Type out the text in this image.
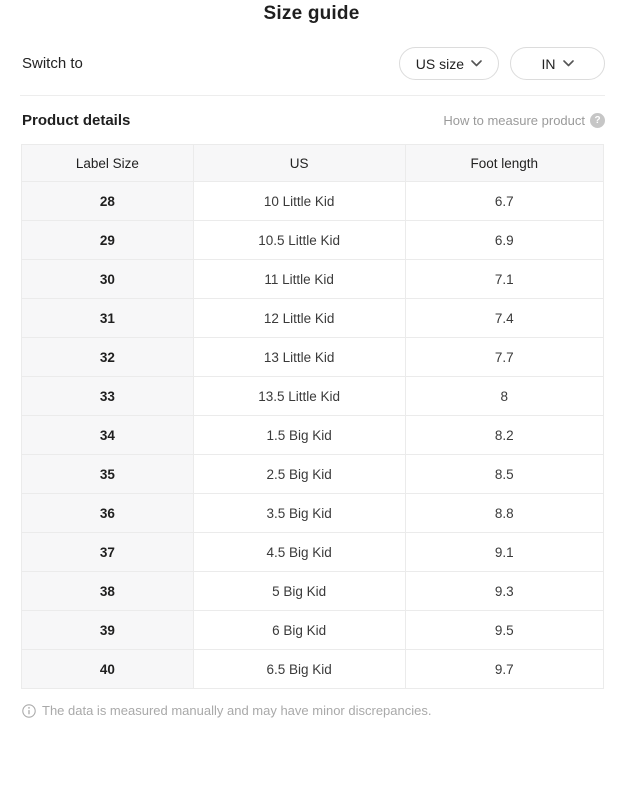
Size guide
Switch to	US size	IN
Product details	How to measure product ?
Label Size	US	Foot length
28	10 Little Kid	6.7
29	10.5 Little Kid	6.9
30	11 Little Kid	7.1
31	12 Little Kid	7.4
32	13 Little Kid	7.7
33	13.5 Little Kid	8
34	1.5 Big Kid	8.2
35	2.5 Big Kid	8.5
36	3.5 Big Kid	8.8
37	4.5 Big Kid	9.1
38	5 Big Kid	9.3
39	6 Big Kid	9.5
40	6.5 Big Kid	9.7

The data is measured manually and may have minor discrepancies.
